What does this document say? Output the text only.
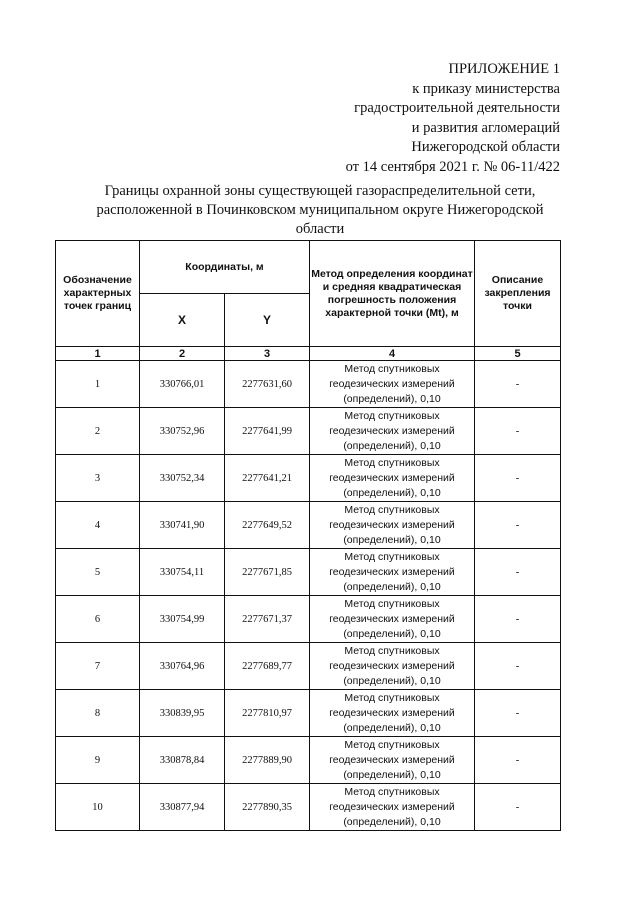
ПРИЛОЖЕНИЕ 1
к приказу министерства
градостроительной деятельности
и развития агломераций
Нижегородской области
от 14 сентября 2021 г. № 06-11/422
Границы охранной зоны существующей газораспределительной сети,
расположенной в Починковском муниципальном округе Нижегородской
области
Обозначение характерных точек границ	Координаты, м		Метод определения координат и средняя квадратическая погрешность положения характерной точки (Mt), м	Описание закрепления точки
	X	Y		
1	2	3	4	5
1	330766,01	2277631,60	Метод спутниковых
геодезических измерений
(определений), 0,10	-
2	330752,96	2277641,99	Метод спутниковых
геодезических измерений
(определений), 0,10	-
3	330752,34	2277641,21	Метод спутниковых
геодезических измерений
(определений), 0,10	-
4	330741,90	2277649,52	Метод спутниковых
геодезических измерений
(определений), 0,10	-
5	330754,11	2277671,85	Метод спутниковых
геодезических измерений
(определений), 0,10	-
6	330754,99	2277671,37	Метод спутниковых
геодезических измерений
(определений), 0,10	-
7	330764,96	2277689,77	Метод спутниковых
геодезических измерений
(определений), 0,10	-
8	330839,95	2277810,97	Метод спутниковых
геодезических измерений
(определений), 0,10	-
9	330878,84	2277889,90	Метод спутниковых
геодезических измерений
(определений), 0,10	-
10	330877,94	2277890,35	Метод спутниковых
геодезических измерений
(определений), 0,10	-
